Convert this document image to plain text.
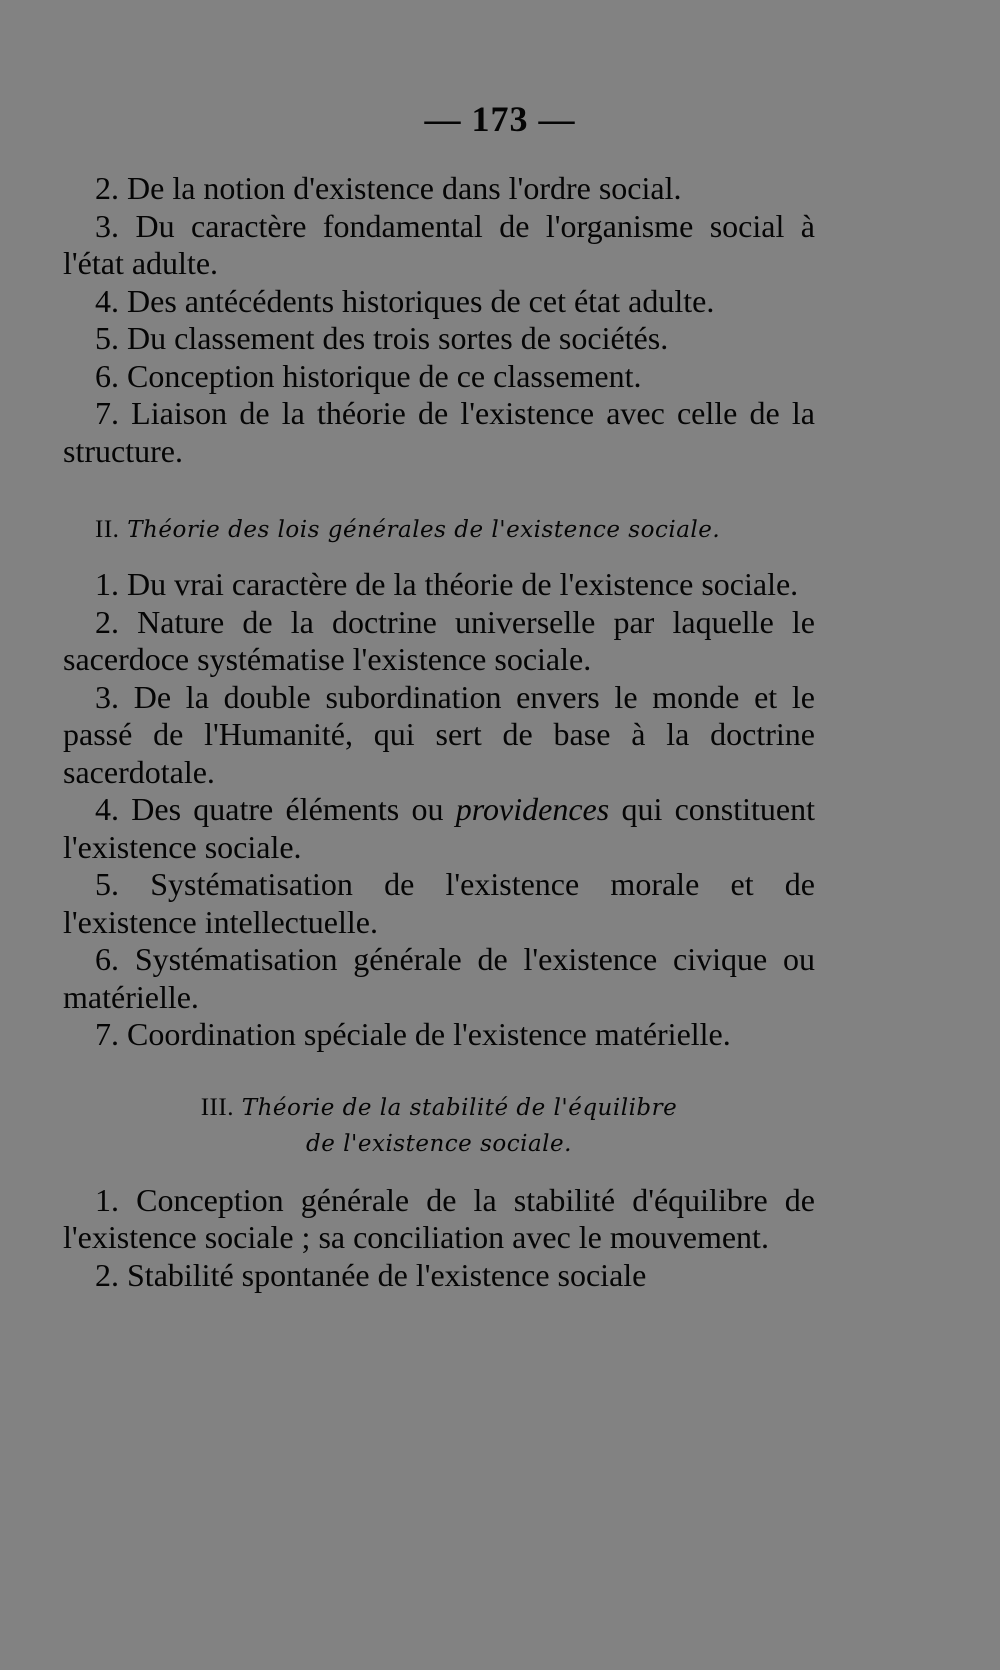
— 173 —

2. De la notion d'existence dans l'ordre social.

3. Du caractère fondamental de l'organisme social à l'état adulte.

4. Des antécédents historiques de cet état adulte.

5. Du classement des trois sortes de sociétés.

6. Conception historique de ce classement.

7. Liaison de la théorie de l'existence avec celle de la structure.

II. Théorie des lois générales de l'existence sociale.

1. Du vrai caractère de la théorie de l'existence sociale.

2. Nature de la doctrine universelle par laquelle le sacerdoce systématise l'existence sociale.

3. De la double subordination envers le monde et le passé de l'Humanité, qui sert de base à la doctrine sacerdotale.

4. Des quatre éléments ou providences qui constituent l'existence sociale.

5. Systématisation de l'existence morale et de l'existence intellectuelle.

6. Systématisation générale de l'existence civique ou matérielle.

7. Coordination spéciale de l'existence matérielle.

III. Théorie de la stabilité de l'équilibre
de l'existence sociale.

1. Conception générale de la stabilité d'équilibre de l'existence sociale ; sa conciliation avec le mouvement.

2. Stabilité spontanée de l'existence sociale
